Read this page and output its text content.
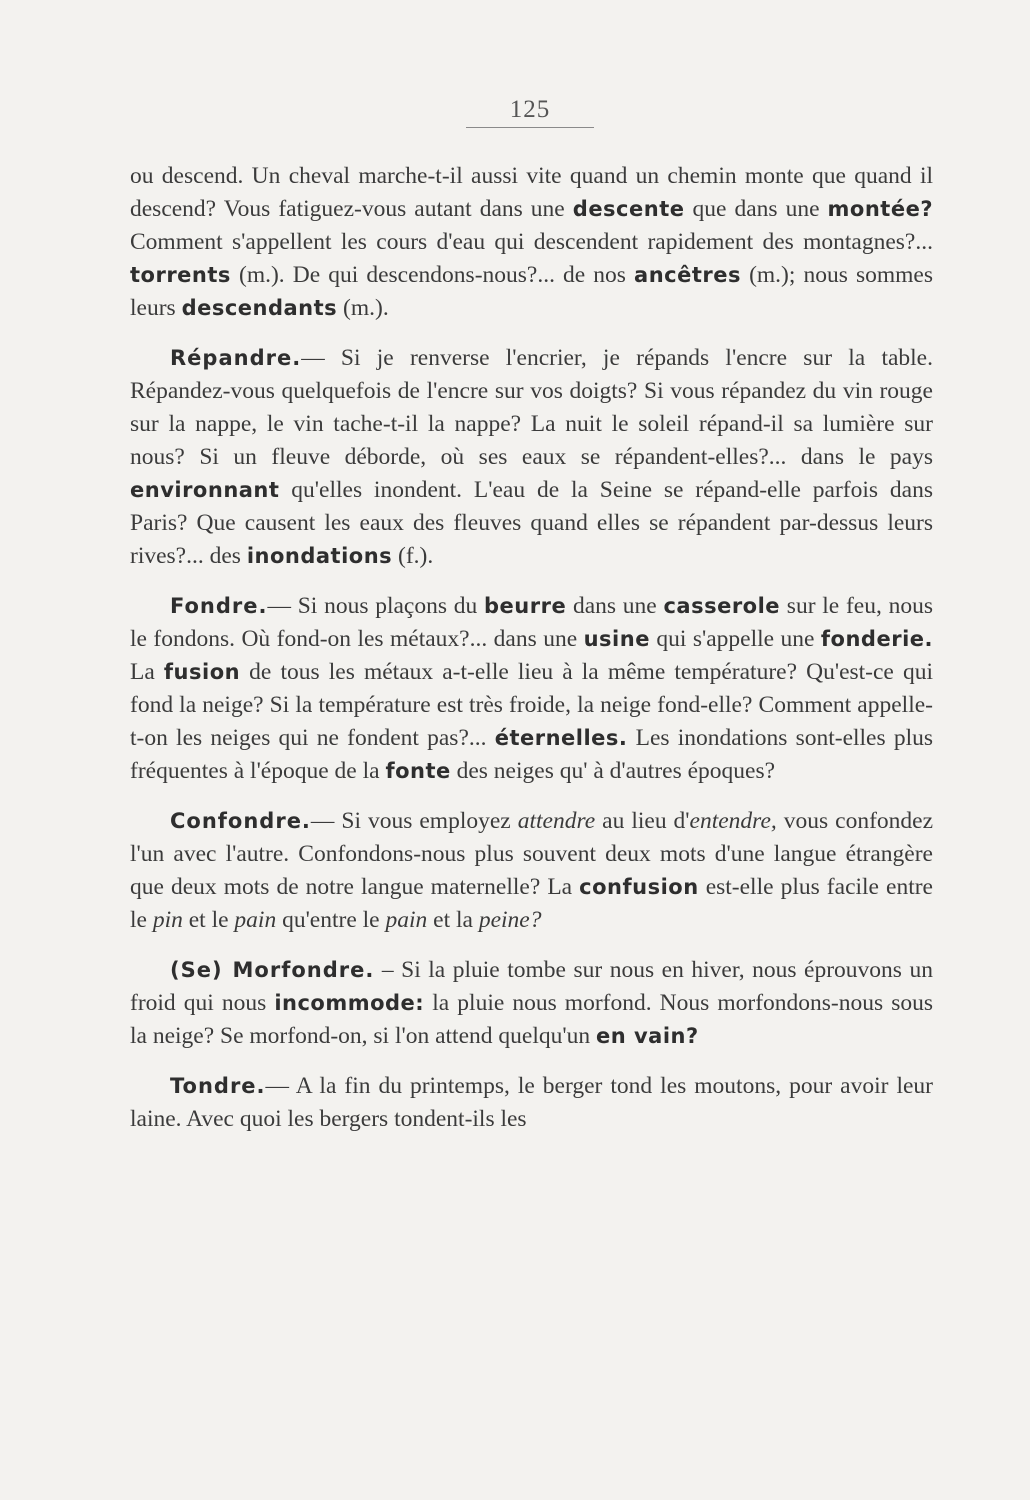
125

ou descend. Un cheval marche-t-il aussi vite quand un chemin monte que quand il descend? Vous fatiguez-vous autant dans une descente que dans une montée? Comment s'appellent les cours d'eau qui descendent rapidement des montagnes?... torrents (m.). De qui descendons-nous?... de nos ancêtres (m.); nous sommes leurs descendants (m.).

Répandre.— Si je renverse l'encrier, je répands l'encre sur la table. Répandez-vous quelquefois de l'encre sur vos doigts? Si vous répandez du vin rouge sur la nappe, le vin tache-t-il la nappe? La nuit le soleil répand-il sa lumière sur nous? Si un fleuve déborde, où ses eaux se répandent-elles?... dans le pays environnant qu'elles inondent. L'eau de la Seine se répand-elle parfois dans Paris? Que causent les eaux des fleuves quand elles se répandent par-dessus leurs rives?... des inondations (f.).

Fondre.— Si nous plaçons du beurre dans une casserole sur le feu, nous le fondons. Où fond-on les métaux?... dans une usine qui s'appelle une fonderie. La fusion de tous les métaux a-t-elle lieu à la même température? Qu'est-ce qui fond la neige? Si la température est très froide, la neige fond-elle? Comment appelle-t-on les neiges qui ne fondent pas?... éternelles. Les inondations sont-elles plus fréquentes à l'époque de la fonte des neiges qu' à d'autres époques?

Confondre.— Si vous employez attendre au lieu d'entendre, vous confondez l'un avec l'autre. Confondons-nous plus souvent deux mots d'une langue étrangère que deux mots de notre langue maternelle? La confusion est-elle plus facile entre le pin et le pain qu'entre le pain et la peine?

(Se) Morfondre. – Si la pluie tombe sur nous en hiver, nous éprouvons un froid qui nous incommode: la pluie nous morfond. Nous morfondons-nous sous la neige? Se morfond-on, si l'on attend quelqu'un en vain?

Tondre.— A la fin du printemps, le berger tond les moutons, pour avoir leur laine. Avec quoi les bergers tondent-ils les
